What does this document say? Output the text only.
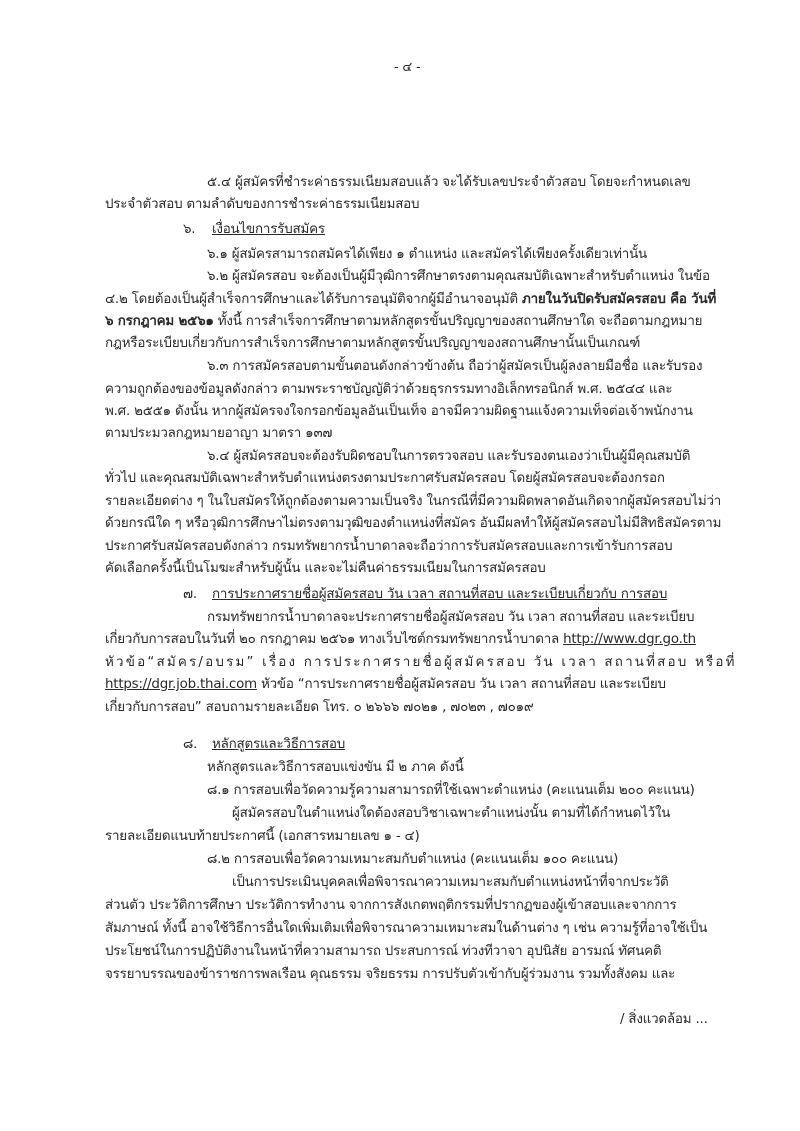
- ๔ -
๕.๔ ผู้สมัครที่ชำระค่าธรรมเนียมสอบแล้ว จะได้รับเลขประจำตัวสอบ โดยจะกำหนดเลข
ประจำตัวสอบ ตามลำดับของการชำระค่าธรรมเนียมสอบ
๖. เงื่อนไขการรับสมัคร
๖.๑ ผู้สมัครสามารถสมัครได้เพียง ๑ ตำแหน่ง และสมัครได้เพียงครั้งเดียวเท่านั้น
๖.๒ ผู้สมัครสอบ จะต้องเป็นผู้มีวุฒิการศึกษาตรงตามคุณสมบัติเฉพาะสำหรับตำแหน่ง ในข้อ
๔.๒ โดยต้องเป็นผู้สำเร็จการศึกษาและได้รับการอนุมัติจากผู้มีอำนาจอนุมัติ ภายในวันปิดรับสมัครสอบ คือ วันที่
๖ กรกฎาคม ๒๕๖๑ ทั้งนี้ การสำเร็จการศึกษาตามหลักสูตรขั้นปริญญาของสถานศึกษาใด จะถือตามกฎหมาย
กฎหรือระเบียบเกี่ยวกับการสำเร็จการศึกษาตามหลักสูตรขั้นปริญญาของสถานศึกษานั้นเป็นเกณฑ์
๖.๓ การสมัครสอบตามขั้นตอนดังกล่าวข้างต้น ถือว่าผู้สมัครเป็นผู้ลงลายมือชื่อ และรับรอง
ความถูกต้องของข้อมูลดังกล่าว ตามพระราชบัญญัติว่าด้วยธุรกรรมทางอิเล็กทรอนิกส์ พ.ศ. ๒๕๔๔ และ
พ.ศ. ๒๕๕๑ ดังนั้น หากผู้สมัครจงใจกรอกข้อมูลอันเป็นเท็จ อาจมีความผิดฐานแจ้งความเท็จต่อเจ้าพนักงาน
ตามประมวลกฎหมายอาญา มาตรา ๑๓๗
๖.๔ ผู้สมัครสอบจะต้องรับผิดชอบในการตรวจสอบ และรับรองตนเองว่าเป็นผู้มีคุณสมบัติ
ทั่วไป และคุณสมบัติเฉพาะสำหรับตำแหน่งตรงตามประกาศรับสมัครสอบ โดยผู้สมัครสอบจะต้องกรอก
รายละเอียดต่าง ๆ ในใบสมัครให้ถูกต้องตามความเป็นจริง ในกรณีที่มีความผิดพลาดอันเกิดจากผู้สมัครสอบไม่ว่า
ด้วยกรณีใด ๆ หรือวุฒิการศึกษาไม่ตรงตามวุฒิของตำแหน่งที่สมัคร อันมีผลทำให้ผู้สมัครสอบไม่มีสิทธิสมัครตาม
ประกาศรับสมัครสอบดังกล่าว กรมทรัพยากรน้ำบาดาลจะถือว่าการรับสมัครสอบและการเข้ารับการสอบ
คัดเลือกครั้งนี้เป็นโมฆะสำหรับผู้นั้น และจะไม่คืนค่าธรรมเนียมในการสมัครสอบ
๗. การประกาศรายชื่อผู้สมัครสอบ วัน เวลา สถานที่สอบ และระเบียบเกี่ยวกับ การสอบ
กรมทรัพยากรน้ำบาดาลจะประกาศรายชื่อผู้สมัครสอบ วัน เวลา สถานที่สอบ และระเบียบ
เกี่ยวกับการสอบในวันที่ ๒๐ กรกฎาคม ๒๕๖๑ ทางเว็บไซต์กรมทรัพยากรน้ำบาดาล http://www.dgr.go.th
หัวข้อ“สมัคร/อบรม” เรื่อง การประกาศรายชื่อผู้สมัครสอบ วัน เวลา สถานที่สอบ หรือที่
https://dgr.job.thai.com หัวข้อ “การประกาศรายชื่อผู้สมัครสอบ วัน เวลา สถานที่สอบ และระเบียบ
เกี่ยวกับการสอบ” สอบถามรายละเอียด โทร. ๐ ๒๖๖๖ ๗๐๒๑ , ๗๐๒๓ , ๗๐๑๙
๘. หลักสูตรและวิธีการสอบ
หลักสูตรและวิธีการสอบแข่งขัน มี ๒ ภาค ดังนี้
๘.๑ การสอบเพื่อวัดความรู้ความสามารถที่ใช้เฉพาะตำแหน่ง (คะแนนเต็ม ๒๐๐ คะแนน)
ผู้สมัครสอบในตำแหน่งใดต้องสอบวิชาเฉพาะตำแหน่งนั้น ตามที่ได้กำหนดไว้ใน
รายละเอียดแนบท้ายประกาศนี้ (เอกสารหมายเลข ๑ - ๔)
๘.๒ การสอบเพื่อวัดความเหมาะสมกับตำแหน่ง (คะแนนเต็ม ๑๐๐ คะแนน)
เป็นการประเมินบุคคลเพื่อพิจารณาความเหมาะสมกับตำแหน่งหน้าที่จากประวัติ
ส่วนตัว ประวัติการศึกษา ประวัติการทำงาน จากการสังเกตพฤติกรรมที่ปรากฏของผู้เข้าสอบและจากการ
สัมภาษณ์ ทั้งนี้ อาจใช้วิธีการอื่นใดเพิ่มเติมเพื่อพิจารณาความเหมาะสมในด้านต่าง ๆ เช่น ความรู้ที่อาจใช้เป็น
ประโยชน์ในการปฏิบัติงานในหน้าที่ความสามารถ ประสบการณ์ ท่วงทีวาจา อุปนิสัย อารมณ์ ทัศนคติ
จรรยาบรรณของข้าราชการพลเรือน คุณธรรม จริยธรรม การปรับตัวเข้ากับผู้ร่วมงาน รวมทั้งสังคม และ
/ สิ่งแวดล้อม ...
